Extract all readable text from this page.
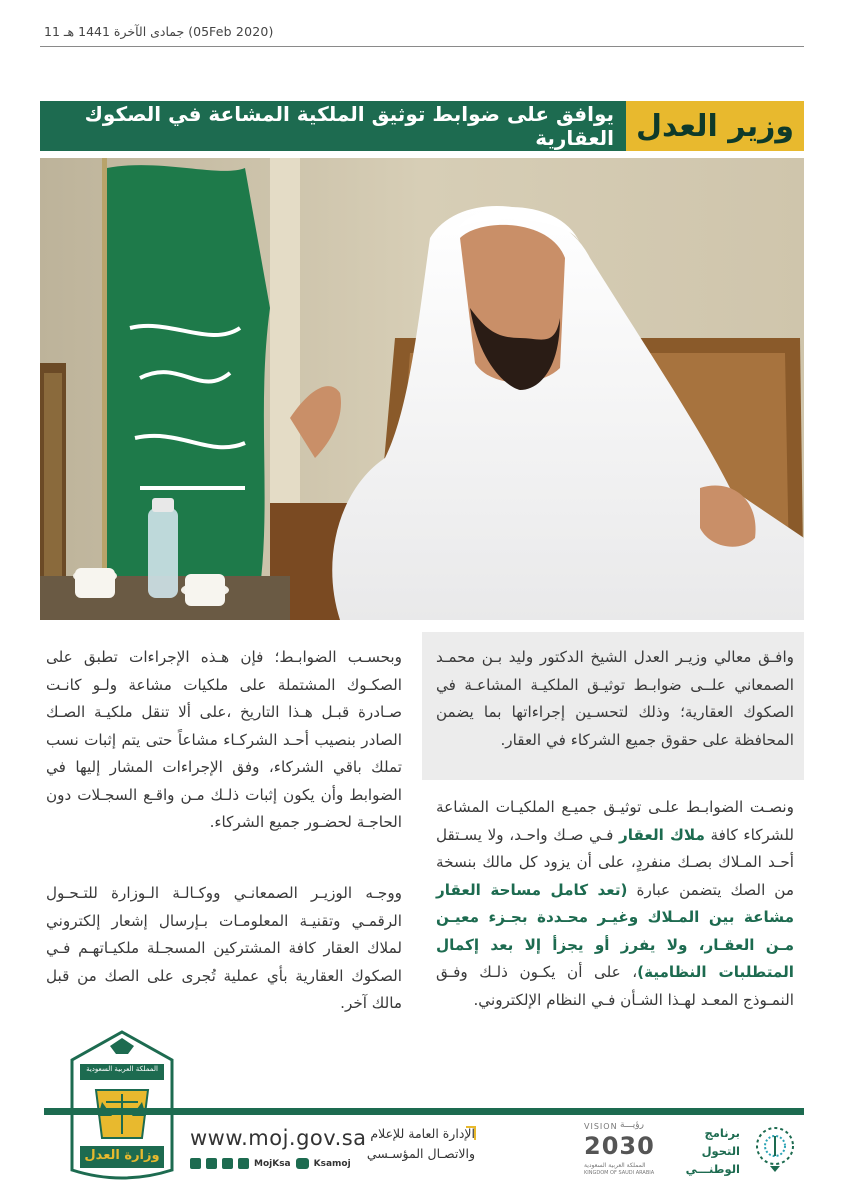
11 جمادى الآخرة 1441 هـ (05Feb 2020)
يوافق على ضوابط توثيق الملكية المشاعة في الصكوك العقارية وزير العدل

وافـق معالي وزيـر العدل الشيخ الدكتور وليد بـن محمـد الصمعاني علــى ضوابـط توثيـق الملكيـة المشاعـة في الصكوك العقارية؛ وذلك لتحسـين إجراءاتها بما يضمن المحافظة على حقوق جميع الشركاء في العقار.

ونصـت الضوابـط علـى توثيـق جميـع الملكيـات المشاعة للشركاء كافة ملاك العقار فـي صـك واحـد، ولا يسـتقل أحـد المـلاك بصـك منفردٍ، على أن يزود كل مالك بنسخة من الصك يتضمن عبارة (تعد كامل مساحة العقار مشاعة بين المـلاك وغيـر محـددة بجـزء معيـن مـن العقـار، ولا يفرز أو يجزأ إلا بعد إكمال المتطلبات النظامية)، على أن يكـون ذلـك وفـق النمـوذج المعـد لهـذا الشـأن فـي النظام الإلكتروني.

وبحسـب الضوابـط؛ فإن هـذه الإجراءات تطبق على الصكـوك المشتملة على ملكيات مشاعة ولـو كانـت صـادرة قبـل هـذا التاريخ ،على ألا تنقل ملكيـة الصـك الصادر بنصيب أحـد الشركـاء مشاعاً حتى يتم إثبات نسب تملك باقي الشركاء، وفق الإجراءات المشار إليها في الضوابط وأن يكون إثبات ذلـك مـن واقـع السجـلات دون الحاجـة لحضـور جميع الشركاء.

ووجـه الوزيـر الصمعانـي ووكـالـة الـوزارة للتـحـول الرقمـي وتقنيـة المعلومـات بـإرسال إشعار إلكتروني لملاك العقار كافة المشتركين المسجـلة ملكيـاتهـم فـي الصكوك العقارية بأي عملية تُجرى على الصك من قبل مالك آخر.

المملكة العربية السعودية
وزارة العدل
www.moj.gov.sa
MojKsa	Ksamoj
الإدارة العامة للإعلام
والاتصـال المؤسـسي
رؤيـــة
VISION
2030
المملكة العربية السعودية
KINGDOM OF SAUDI ARABIA
برنامج التحول
الوطنـــي
